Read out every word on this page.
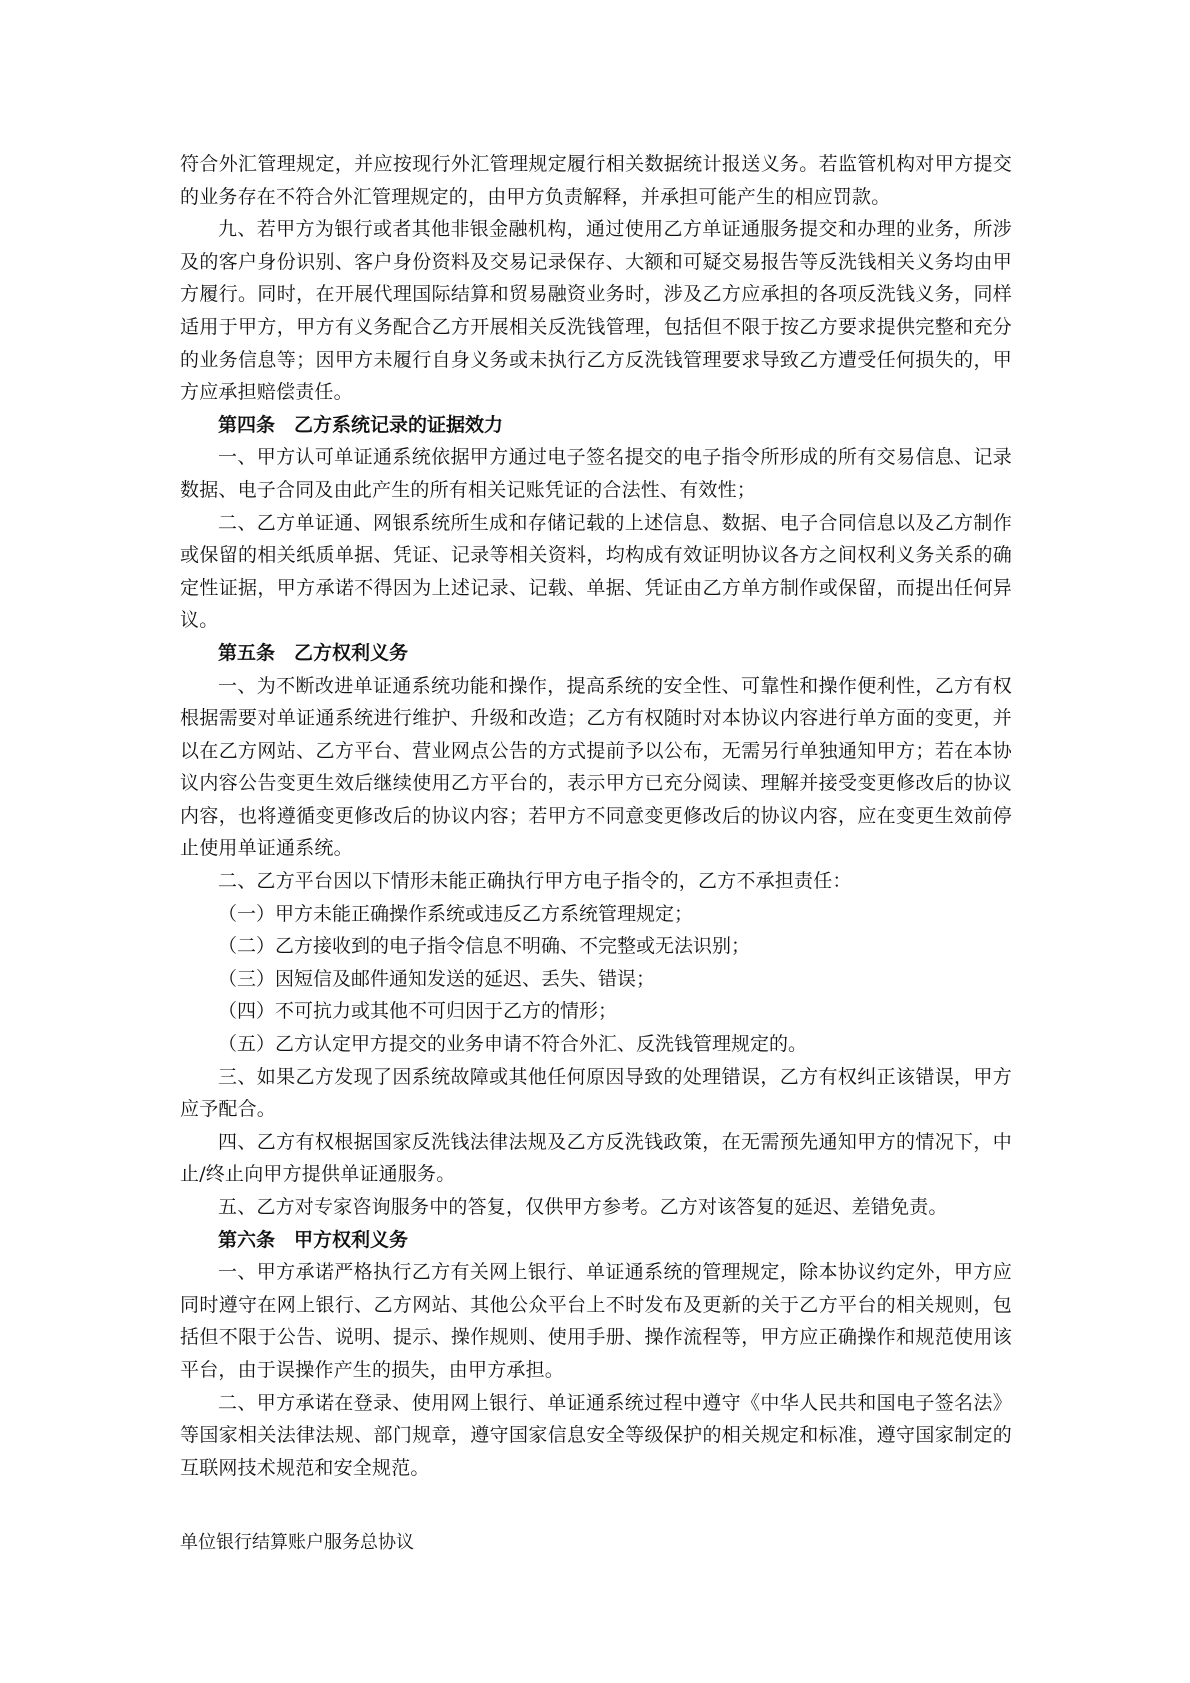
符合外汇管理规定，并应按现行外汇管理规定履行相关数据统计报送义务。若监管机构对甲方提交的业务存在不符合外汇管理规定的，由甲方负责解释，并承担可能产生的相应罚款。

九、若甲方为银行或者其他非银金融机构，通过使用乙方单证通服务提交和办理的业务，所涉及的客户身份识别、客户身份资料及交易记录保存、大额和可疑交易报告等反洗钱相关义务均由甲方履行。同时，在开展代理国际结算和贸易融资业务时，涉及乙方应承担的各项反洗钱义务，同样适用于甲方，甲方有义务配合乙方开展相关反洗钱管理，包括但不限于按乙方要求提供完整和充分的业务信息等；因甲方未履行自身义务或未执行乙方反洗钱管理要求导致乙方遭受任何损失的，甲方应承担赔偿责任。

第四条　乙方系统记录的证据效力

一、甲方认可单证通系统依据甲方通过电子签名提交的电子指令所形成的所有交易信息、记录数据、电子合同及由此产生的所有相关记账凭证的合法性、有效性；

二、乙方单证通、网银系统所生成和存储记载的上述信息、数据、电子合同信息以及乙方制作或保留的相关纸质单据、凭证、记录等相关资料，均构成有效证明协议各方之间权利义务关系的确定性证据，甲方承诺不得因为上述记录、记载、单据、凭证由乙方单方制作或保留，而提出任何异议。

第五条　乙方权利义务

一、为不断改进单证通系统功能和操作，提高系统的安全性、可靠性和操作便利性，乙方有权根据需要对单证通系统进行维护、升级和改造；乙方有权随时对本协议内容进行单方面的变更，并以在乙方网站、乙方平台、营业网点公告的方式提前予以公布，无需另行单独通知甲方；若在本协议内容公告变更生效后继续使用乙方平台的，表示甲方已充分阅读、理解并接受变更修改后的协议内容，也将遵循变更修改后的协议内容；若甲方不同意变更修改后的协议内容，应在变更生效前停止使用单证通系统。

二、乙方平台因以下情形未能正确执行甲方电子指令的，乙方不承担责任：

（一）甲方未能正确操作系统或违反乙方系统管理规定；

（二）乙方接收到的电子指令信息不明确、不完整或无法识别；

（三）因短信及邮件通知发送的延迟、丢失、错误；

（四）不可抗力或其他不可归因于乙方的情形；

（五）乙方认定甲方提交的业务申请不符合外汇、反洗钱管理规定的。

三、如果乙方发现了因系统故障或其他任何原因导致的处理错误，乙方有权纠正该错误，甲方应予配合。

四、乙方有权根据国家反洗钱法律法规及乙方反洗钱政策，在无需预先通知甲方的情况下，中止/终止向甲方提供单证通服务。

五、乙方对专家咨询服务中的答复，仅供甲方参考。乙方对该答复的延迟、差错免责。

第六条　甲方权利义务

一、甲方承诺严格执行乙方有关网上银行、单证通系统的管理规定，除本协议约定外，甲方应同时遵守在网上银行、乙方网站、其他公众平台上不时发布及更新的关于乙方平台的相关规则，包括但不限于公告、说明、提示、操作规则、使用手册、操作流程等，甲方应正确操作和规范使用该平台，由于误操作产生的损失，由甲方承担。

二、甲方承诺在登录、使用网上银行、单证通系统过程中遵守《中华人民共和国电子签名法》等国家相关法律法规、部门规章，遵守国家信息安全等级保护的相关规定和标准，遵守国家制定的互联网技术规范和安全规范。

单位银行结算账户服务总协议
